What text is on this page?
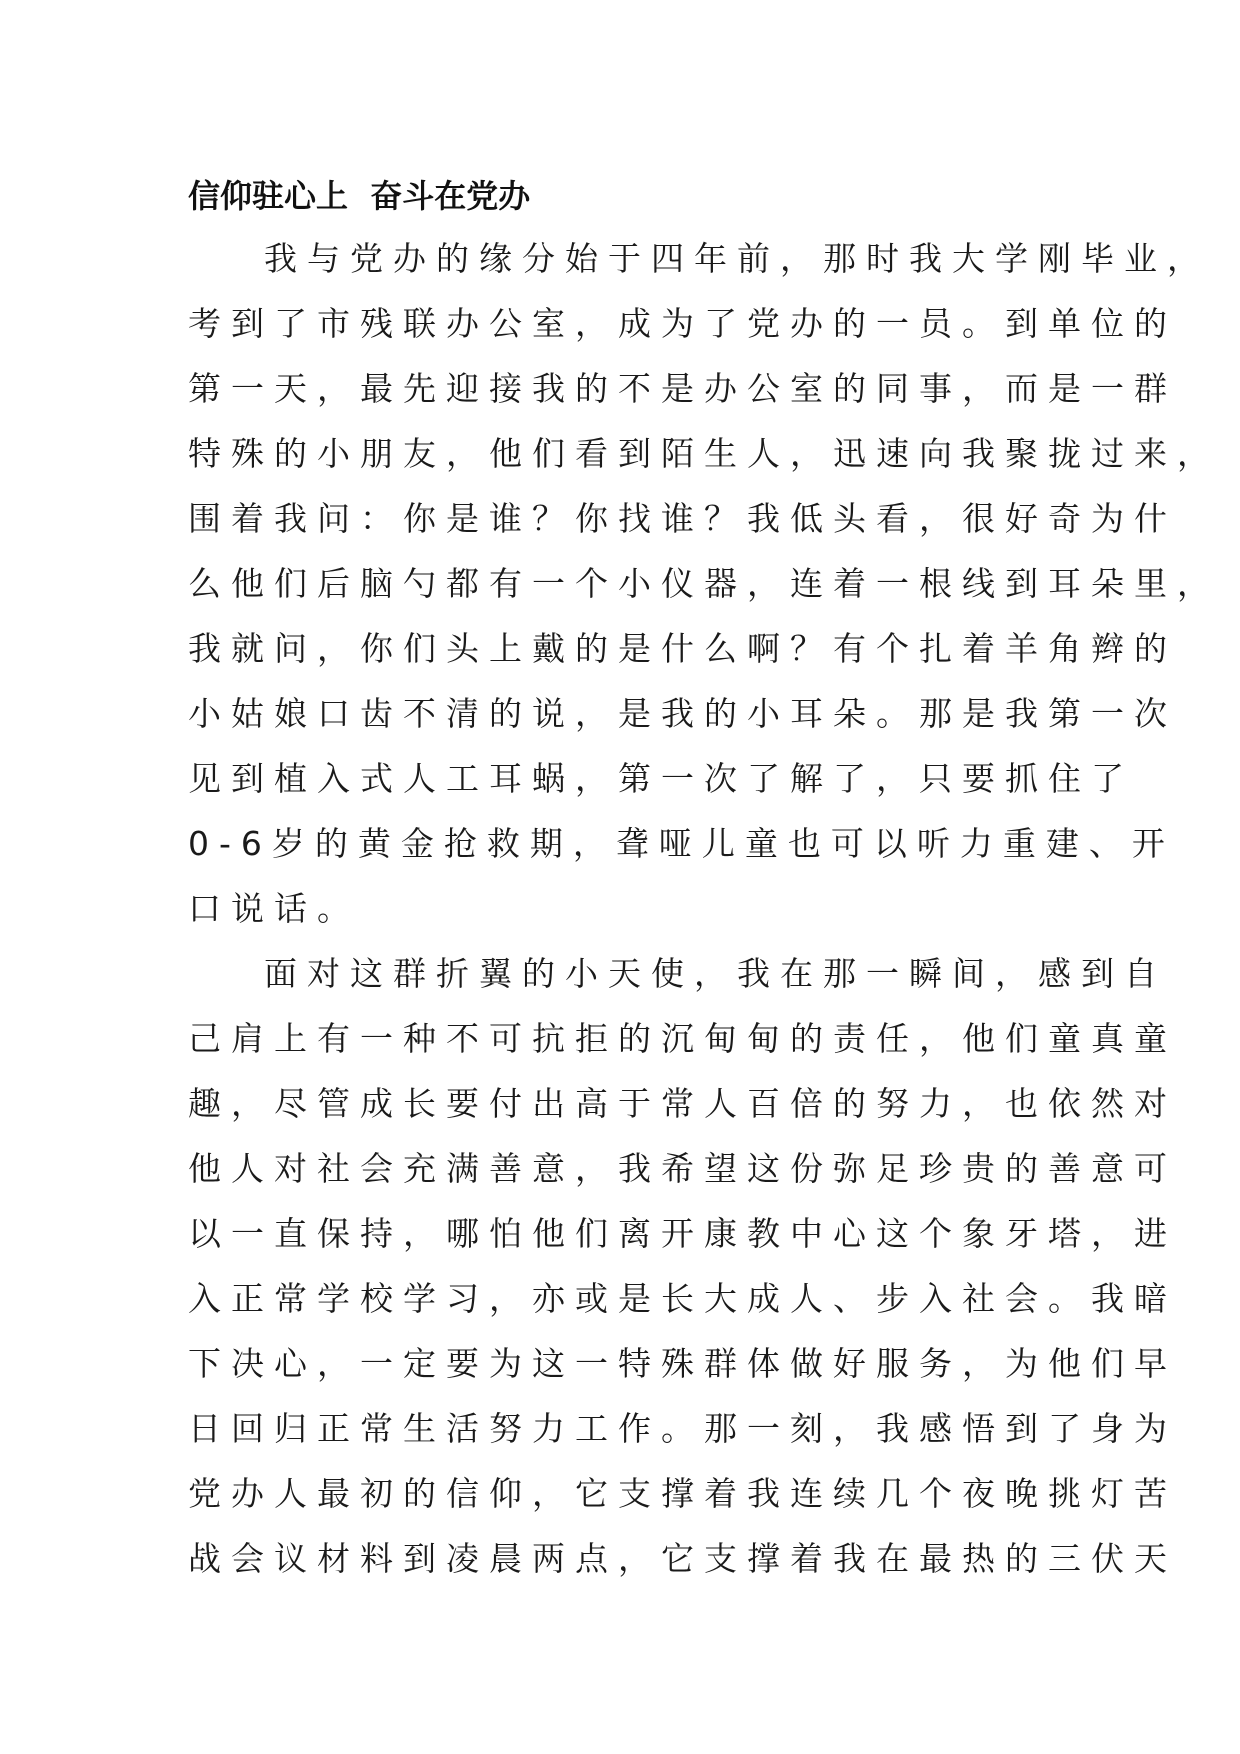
信仰驻心上  奋斗在党办
我与党办的缘分始于四年前，那时我大学刚毕业，
考到了市残联办公室，成为了党办的一员。到单位的
第一天，最先迎接我的不是办公室的同事，而是一群
特殊的小朋友，他们看到陌生人，迅速向我聚拢过来，
围着我问：你是谁？你找谁？我低头看，很好奇为什
么他们后脑勺都有一个小仪器，连着一根线到耳朵里，
我就问，你们头上戴的是什么啊？有个扎着羊角辫的
小姑娘口齿不清的说，是我的小耳朵。那是我第一次
见到植入式人工耳蜗，第一次了解了，只要抓住了
0-6岁的黄金抢救期，聋哑儿童也可以听力重建、开
口说话。
面对这群折翼的小天使，我在那一瞬间，感到自
己肩上有一种不可抗拒的沉甸甸的责任，他们童真童
趣，尽管成长要付出高于常人百倍的努力，也依然对
他人对社会充满善意，我希望这份弥足珍贵的善意可
以一直保持，哪怕他们离开康教中心这个象牙塔，进
入正常学校学习，亦或是长大成人、步入社会。我暗
下决心，一定要为这一特殊群体做好服务，为他们早
日回归正常生活努力工作。那一刻，我感悟到了身为
党办人最初的信仰，它支撑着我连续几个夜晚挑灯苦
战会议材料到凌晨两点，它支撑着我在最热的三伏天
